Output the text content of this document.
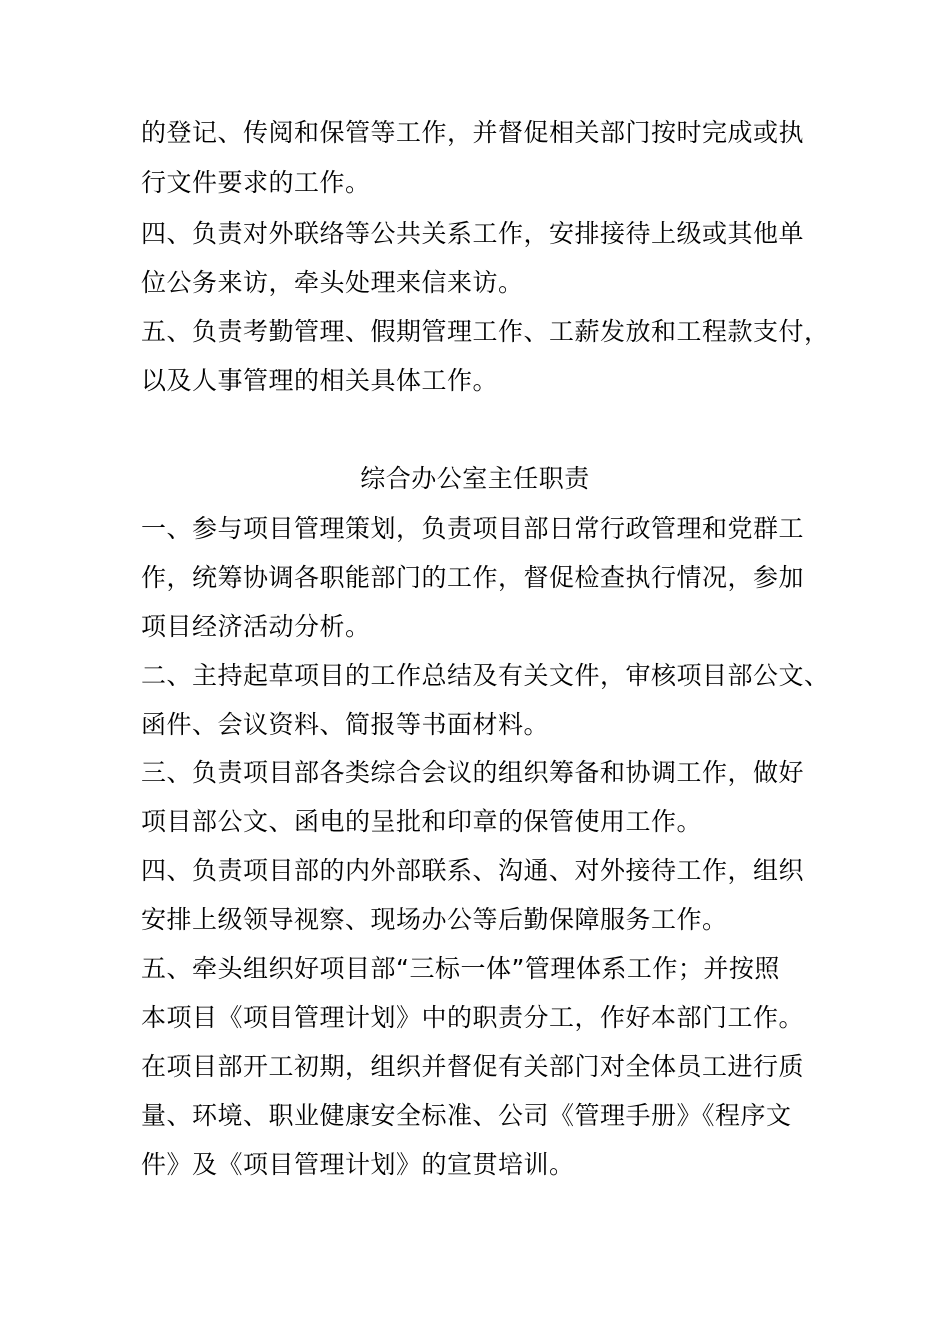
的登记、传阅和保管等工作，并督促相关部门按时完成或执
行文件要求的工作。
四、负责对外联络等公共关系工作，安排接待上级或其他单
位公务来访，牵头处理来信来访。
五、负责考勤管理、假期管理工作、工薪发放和工程款支付，
以及人事管理的相关具体工作。
综合办公室主任职责
一、参与项目管理策划，负责项目部日常行政管理和党群工
作，统筹协调各职能部门的工作，督促检查执行情况，参加
项目经济活动分析。
二、主持起草项目的工作总结及有关文件，审核项目部公文、
函件、会议资料、简报等书面材料。
三、负责项目部各类综合会议的组织筹备和协调工作，做好
项目部公文、函电的呈批和印章的保管使用工作。
四、负责项目部的内外部联系、沟通、对外接待工作，组织
安排上级领导视察、现场办公等后勤保障服务工作。
五、牵头组织好项目部“三标一体”管理体系工作；并按照
本项目《项目管理计划》中的职责分工，作好本部门工作。
在项目部开工初期，组织并督促有关部门对全体员工进行质
量、环境、职业健康安全标准、公司《管理手册》《程序文
件》及《项目管理计划》的宣贯培训。
